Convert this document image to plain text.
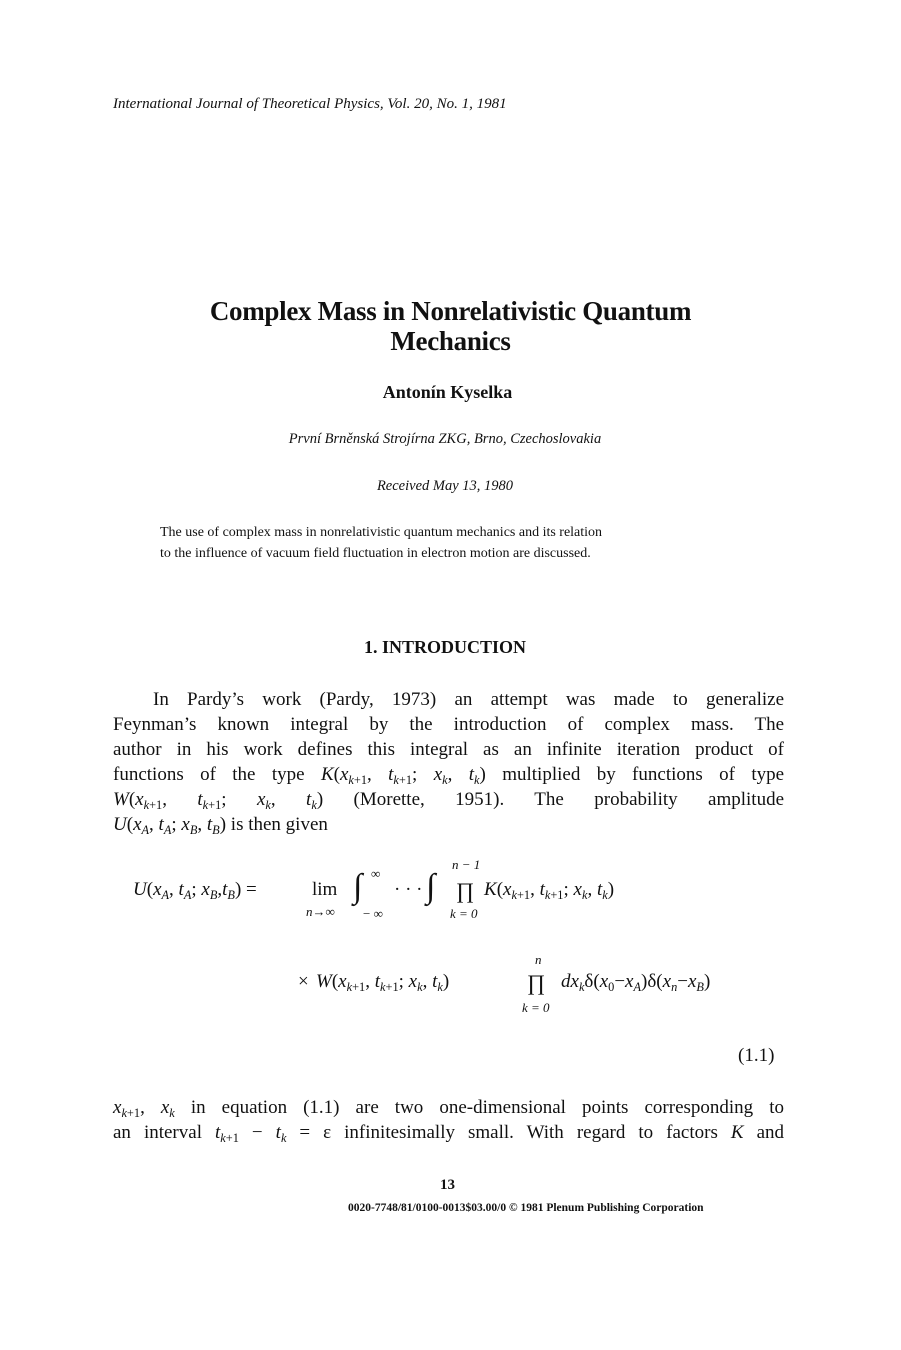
International Journal of Theoretical Physics, Vol. 20, No. 1, 1981
Complex Mass in Nonrelativistic Quantum
Mechanics
Antonín Kyselka
První Brněnská Strojírna ZKG, Brno, Czechoslovakia
Received May 13, 1980
The use of complex mass in nonrelativistic quantum mechanics and its relation
to the influence of vacuum field fluctuation in electron motion are discussed.
1. INTRODUCTION
In Pardy’s work (Pardy, 1973) an attempt was made to generalize
Feynman’s known integral by the introduction of complex mass. The
author in his work defines this integral as an infinite iteration product of
functions of the type $K(x_{k+1}$, $t_{k+1}$; $x_k$, $t_k$) multiplied by functions of type
$W(x_{k+1}$, $t_{k+1}$; $x_k$, $t_k$) (Morette, 1951). The probability amplitude
$U(x_A$, $t_A$; $x_B$, $t_B$) is then given
$U(x_A$, $t_A$; $x_B,t_B$) =	lim
n→∞
∫ ∞
− ∞
· · · ∫
n − 1
∏
k = 0
$K(x_{k+1}$, $t_{k+1}$; $x_k$, $t_k$)
n
× $W(x_{k+1}$, $t_{k+1}$; $x_k$, $t_k$)	∏
k = 0
$dx_k\delta(x_0-x_A)\delta(x_n-x_B)$
(1.1)
$x_{k+1}$, $x_k$ in equation (1.1) are two one-dimensional points corresponding to
an interval $t_{k+1} - t_k = \varepsilon$ infinitesimally small. With regard to factors K and
13
0020-7748/81/0100-0013$03.00/0 © 1981 Plenum Publishing Corporation
